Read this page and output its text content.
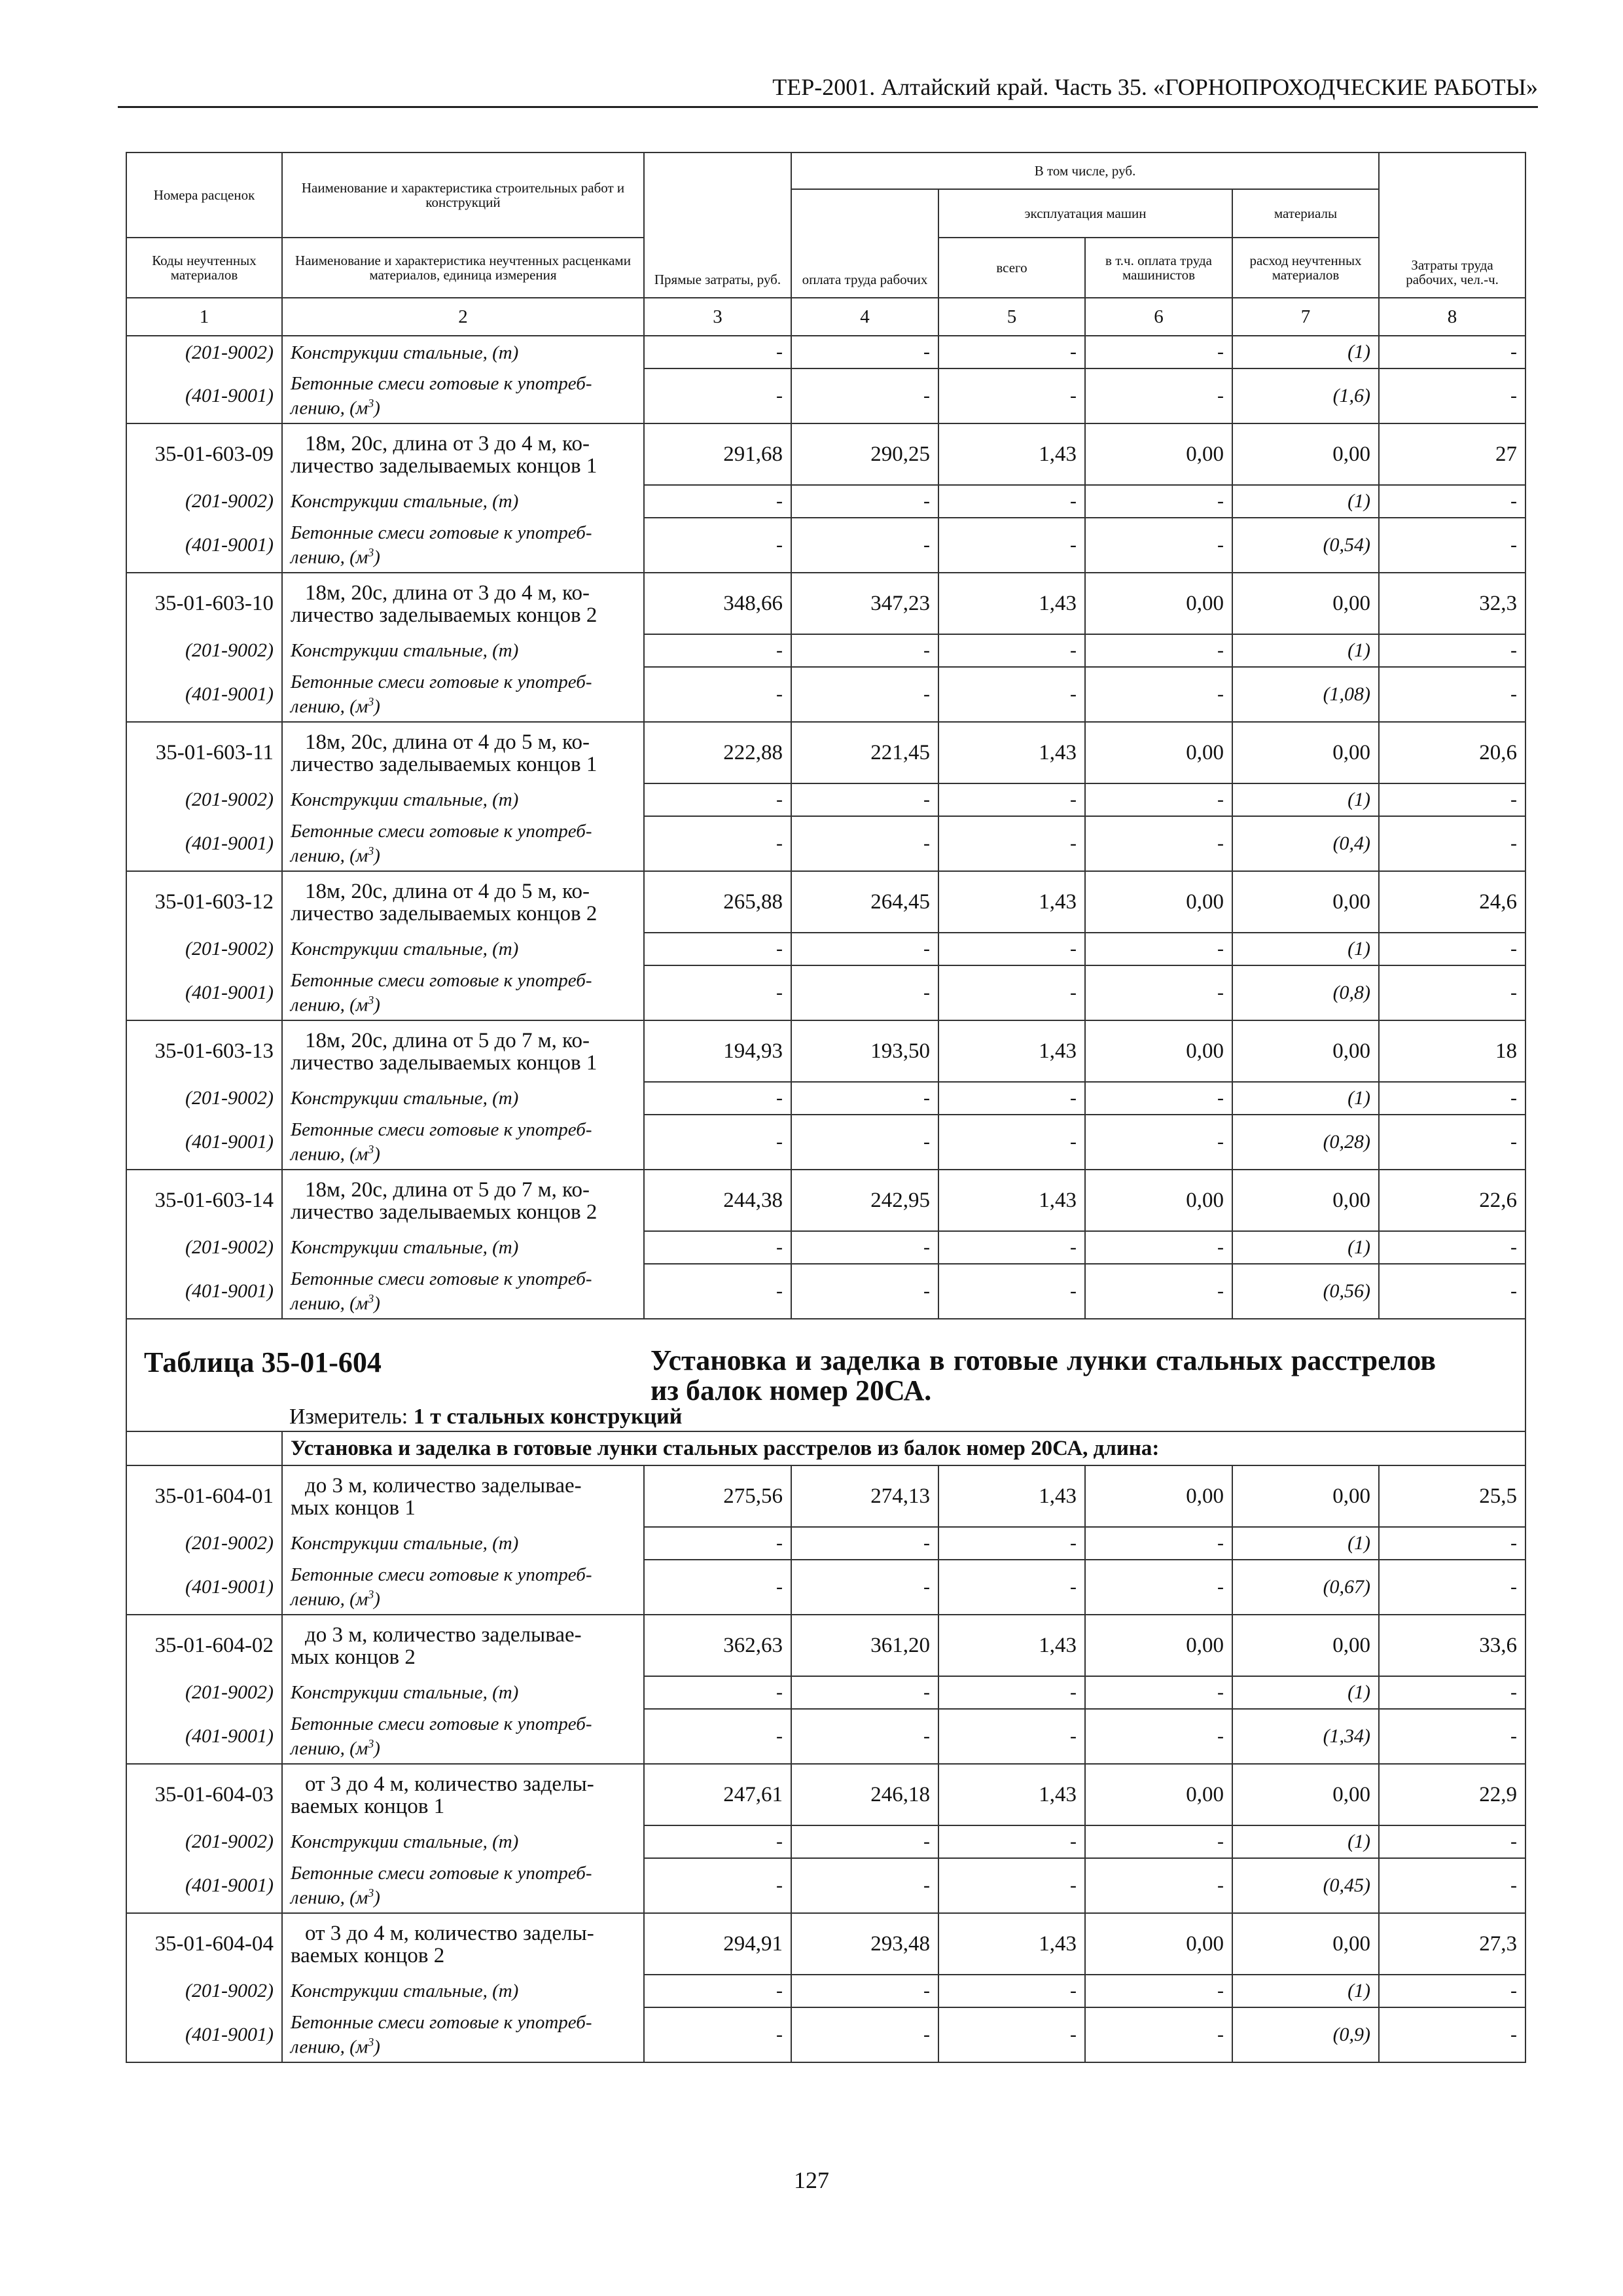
ТЕР-2001. Алтайский край. Часть 35. «ГОРНОПРОХОДЧЕСКИЕ РАБОТЫ»
Номера расценок	Наименование и характеристика строительных работ и конструкций	Прямые затраты, руб.	В том числе, руб.				Затраты труда рабочих, чел.-ч.
			оплата труда рабочих	эксплуатация машин		материалы	
Коды неучтенных материалов	Наименование и характеристика неучтенных расценками материалов, единица измерения			всего	в т.ч. оплата труда машинистов	расход неучтенных материалов	
1	2	3	4	5	6	7	8
(201-9002)	Конструкции стальные, (т)	-	-	-	-	(1)	-
(401-9001)	Бетонные смеси готовые к употреб-
лению, $(м^3)$	-	-	-	-	(1,6)	-
35-01-603-09	18м, 20с, длина от 3 до 4 м, ко-
личество заделываемых концов 1	291,68	290,25	1,43	0,00	0,00	27
(201-9002)	Конструкции стальные, (т)	-	-	-	-	(1)	-
(401-9001)	Бетонные смеси готовые к употреб-
лению, $(м^3)$	-	-	-	-	(0,54)	-
35-01-603-10	18м, 20с, длина от 3 до 4 м, ко-
личество заделываемых концов 2	348,66	347,23	1,43	0,00	0,00	32,3
(201-9002)	Конструкции стальные, (т)	-	-	-	-	(1)	-
(401-9001)	Бетонные смеси готовые к употреб-
лению, $(м^3)$	-	-	-	-	(1,08)	-
35-01-603-11	18м, 20с, длина от 4 до 5 м, ко-
личество заделываемых концов 1	222,88	221,45	1,43	0,00	0,00	20,6
(201-9002)	Конструкции стальные, (т)	-	-	-	-	(1)	-
(401-9001)	Бетонные смеси готовые к употреб-
лению, $(м^3)$	-	-	-	-	(0,4)	-
35-01-603-12	18м, 20с, длина от 4 до 5 м, ко-
личество заделываемых концов 2	265,88	264,45	1,43	0,00	0,00	24,6
(201-9002)	Конструкции стальные, (т)	-	-	-	-	(1)	-
(401-9001)	Бетонные смеси готовые к употреб-
лению, $(м^3)$	-	-	-	-	(0,8)	-
35-01-603-13	18м, 20с, длина от 5 до 7 м, ко-
личество заделываемых концов 1	194,93	193,50	1,43	0,00	0,00	18
(201-9002)	Конструкции стальные, (т)	-	-	-	-	(1)	-
(401-9001)	Бетонные смеси готовые к употреб-
лению, $(м^3)$	-	-	-	-	(0,28)	-
35-01-603-14	18м, 20с, длина от 5 до 7 м, ко-
личество заделываемых концов 2	244,38	242,95	1,43	0,00	0,00	22,6
(201-9002)	Конструкции стальные, (т)	-	-	-	-	(1)	-
(401-9001)	Бетонные смеси готовые к употреб-
лению, $(м^3)$	-	-	-	-	(0,56)	-

Таблица 35-01-604 Установка и заделка в готовые лунки стальных расстрелов из балок номер 20СА.
Измеритель: 1 т стальных конструкций							

	Установка и заделка в готовые лунки стальных расстрелов из балок номер 20СА, длина:						
35-01-604-01	до 3 м, количество заделывае-
мых концов 1	275,56	274,13	1,43	0,00	0,00	25,5
(201-9002)	Конструкции стальные, (т)	-	-	-	-	(1)	-
(401-9001)	Бетонные смеси готовые к употреб-
лению, $(м^3)$	-	-	-	-	(0,67)	-
35-01-604-02	до 3 м, количество заделывае-
мых концов 2	362,63	361,20	1,43	0,00	0,00	33,6
(201-9002)	Конструкции стальные, (т)	-	-	-	-	(1)	-
(401-9001)	Бетонные смеси готовые к употреб-
лению, $(м^3)$	-	-	-	-	(1,34)	-
35-01-604-03	от 3 до 4 м, количество заделы-
ваемых концов 1	247,61	246,18	1,43	0,00	0,00	22,9
(201-9002)	Конструкции стальные, (т)	-	-	-	-	(1)	-
(401-9001)	Бетонные смеси готовые к употреб-
лению, $(м^3)$	-	-	-	-	(0,45)	-
35-01-604-04	от 3 до 4 м, количество заделы-
ваемых концов 2	294,91	293,48	1,43	0,00	0,00	27,3
(201-9002)	Конструкции стальные, (т)	-	-	-	-	(1)	-
(401-9001)	Бетонные смеси готовые к употреб-
лению, $(м^3)$	-	-	-	-	(0,9)	-
127
